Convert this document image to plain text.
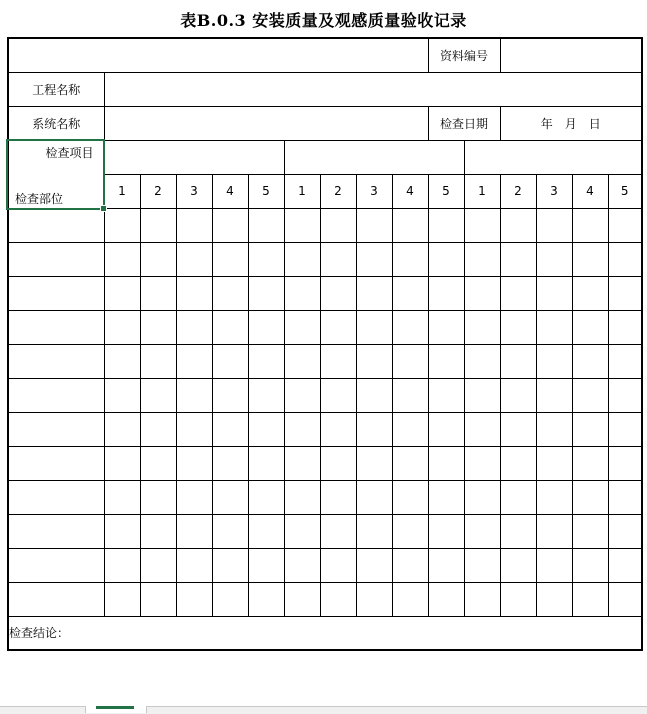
表B.0.3 安装质量及观感质量验收记录
										资料编号					
工程名称															
系统名称										检查日期		年　月　日			

检查项目
检查部位															

	1	2	3	4	5	1	2	3	4	5	1	2	3	4	5

检查结论：															
